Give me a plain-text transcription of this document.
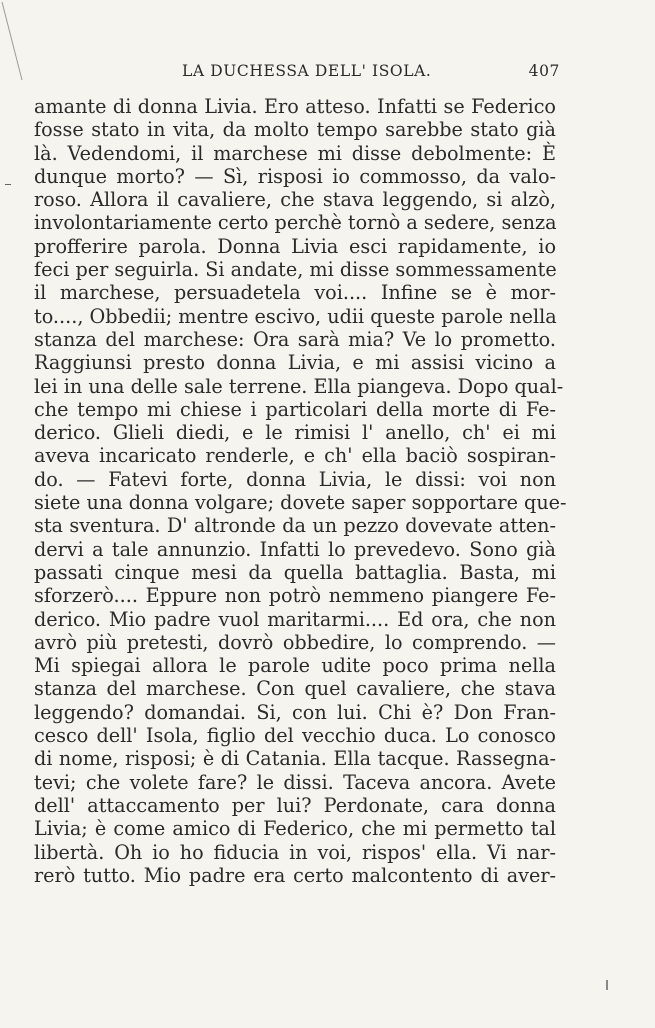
LA DUCHESSA DELL' ISOLA.	407
amante di donna Livia. Ero atteso. Infatti se Federico
fosse stato in vita, da molto tempo sarebbe stato già
là. Vedendomi, il marchese mi disse debolmente: È
dunque morto? — Sì, risposi io commosso, da valo-
roso. Allora il cavaliere, che stava leggendo, si alzò,
involontariamente certo perchè tornò a sedere, senza
profferire parola. Donna Livia esci rapidamente, io
feci per seguirla. Si andate, mi disse sommessamente
il marchese, persuadetela voi.... Infine se è mor-
to...., Obbedii; mentre escivo, udii queste parole nella
stanza del marchese: Ora sarà mia? Ve lo prometto.
Raggiunsi presto donna Livia, e mi assisi vicino a
lei in una delle sale terrene. Ella piangeva. Dopo qual-
che tempo mi chiese i particolari della morte di Fe-
derico. Glieli diedi, e le rimisi l' anello, ch' ei mi
aveva incaricato renderle, e ch' ella baciò sospiran-
do. — Fatevi forte, donna Livia, le dissi: voi non
siete una donna volgare; dovete saper sopportare que-
sta sventura. D' altronde da un pezzo dovevate atten-
dervi a tale annunzio. Infatti lo prevedevo. Sono già
passati cinque mesi da quella battaglia. Basta, mi
sforzerò.... Eppure non potrò nemmeno piangere Fe-
derico. Mio padre vuol maritarmi.... Ed ora, che non
avrò più pretesti, dovrò obbedire, lo comprendo. —
Mi spiegai allora le parole udite poco prima nella
stanza del marchese. Con quel cavaliere, che stava
leggendo? domandai. Si, con lui. Chi è? Don Fran-
cesco dell' Isola, figlio del vecchio duca. Lo conosco
di nome, risposi; è di Catania. Ella tacque. Rassegna-
tevi; che volete fare? le dissi. Taceva ancora. Avete
dell' attaccamento per lui? Perdonate, cara donna
Livia; è come amico di Federico, che mi permetto tal
libertà. Oh io ho fiducia in voi, rispos' ella. Vi nar-
rerò tutto. Mio padre era certo malcontento di aver-
